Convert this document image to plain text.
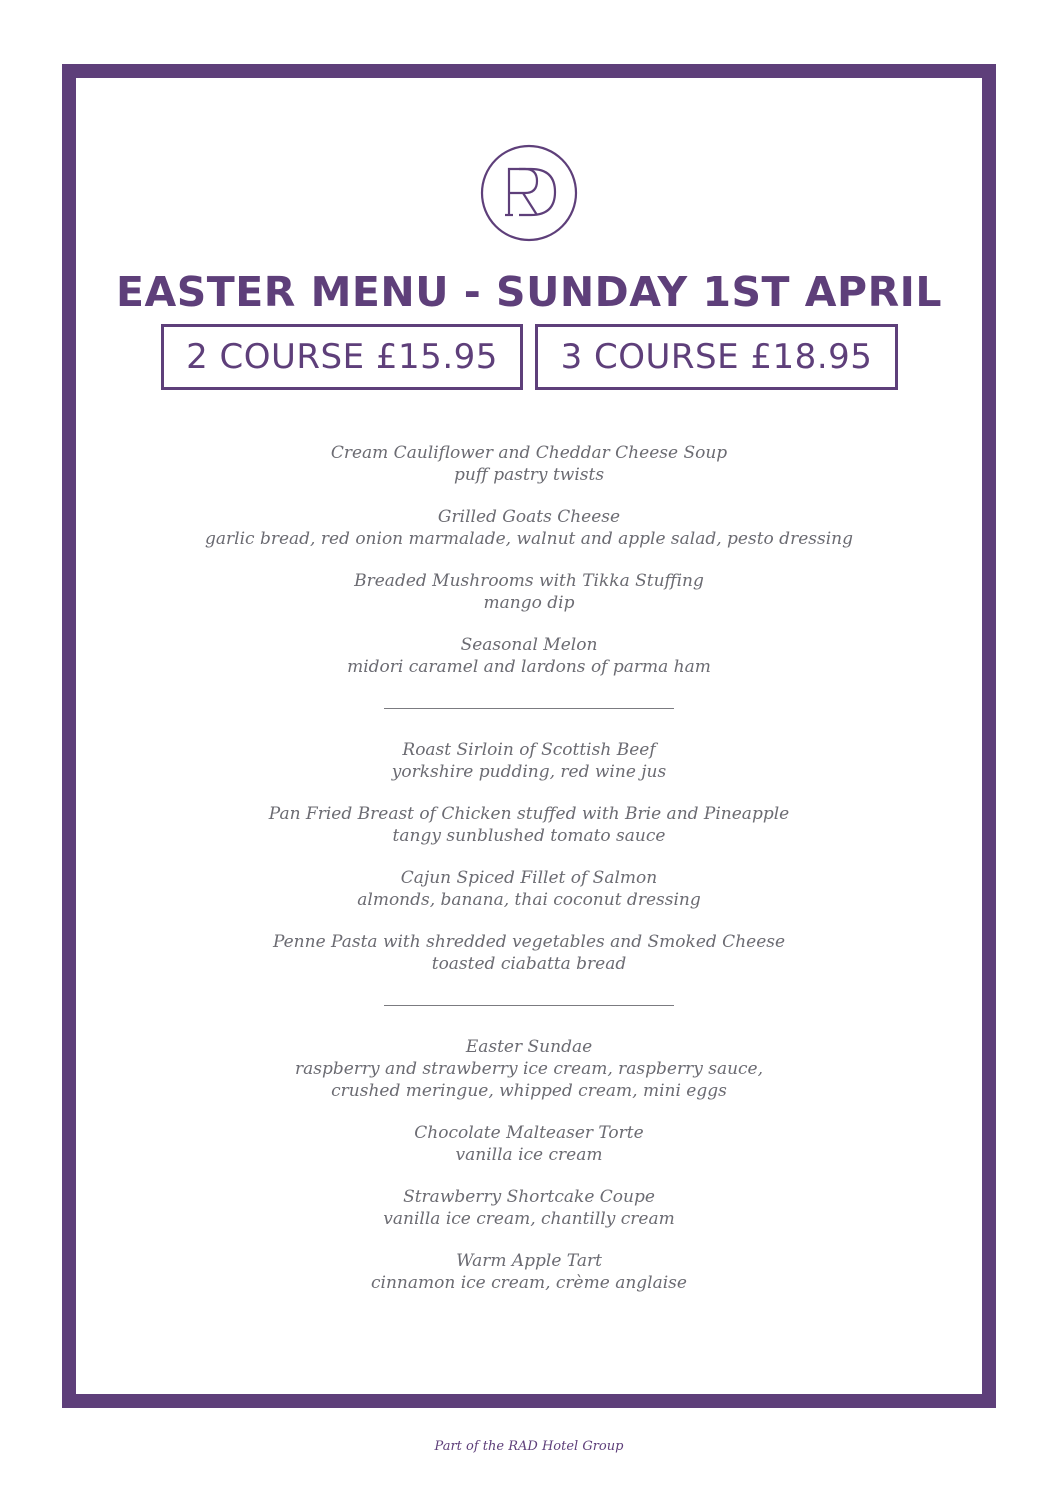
EASTER MENU - SUNDAY 1ST APRIL
2 COURSE £15.95 3 COURSE £18.95
Cream Cauliflower and Cheddar Cheese Soup
puff pastry twists
Grilled Goats Cheese
garlic bread, red onion marmalade, walnut and apple salad, pesto dressing
Breaded Mushrooms with Tikka Stuffing
mango dip
Seasonal Melon
midori caramel and lardons of parma ham
Roast Sirloin of Scottish Beef
yorkshire pudding, red wine jus
Pan Fried Breast of Chicken stuffed with Brie and Pineapple
tangy sunblushed tomato sauce
Cajun Spiced Fillet of Salmon
almonds, banana, thai coconut dressing
Penne Pasta with shredded vegetables and Smoked Cheese
toasted ciabatta bread
Easter Sundae
raspberry and strawberry ice cream, raspberry sauce,
crushed meringue, whipped cream, mini eggs
Chocolate Malteaser Torte
vanilla ice cream
Strawberry Shortcake Coupe
vanilla ice cream, chantilly cream
Warm Apple Tart
cinnamon ice cream, crème anglaise
Part of the RAD Hotel Group
